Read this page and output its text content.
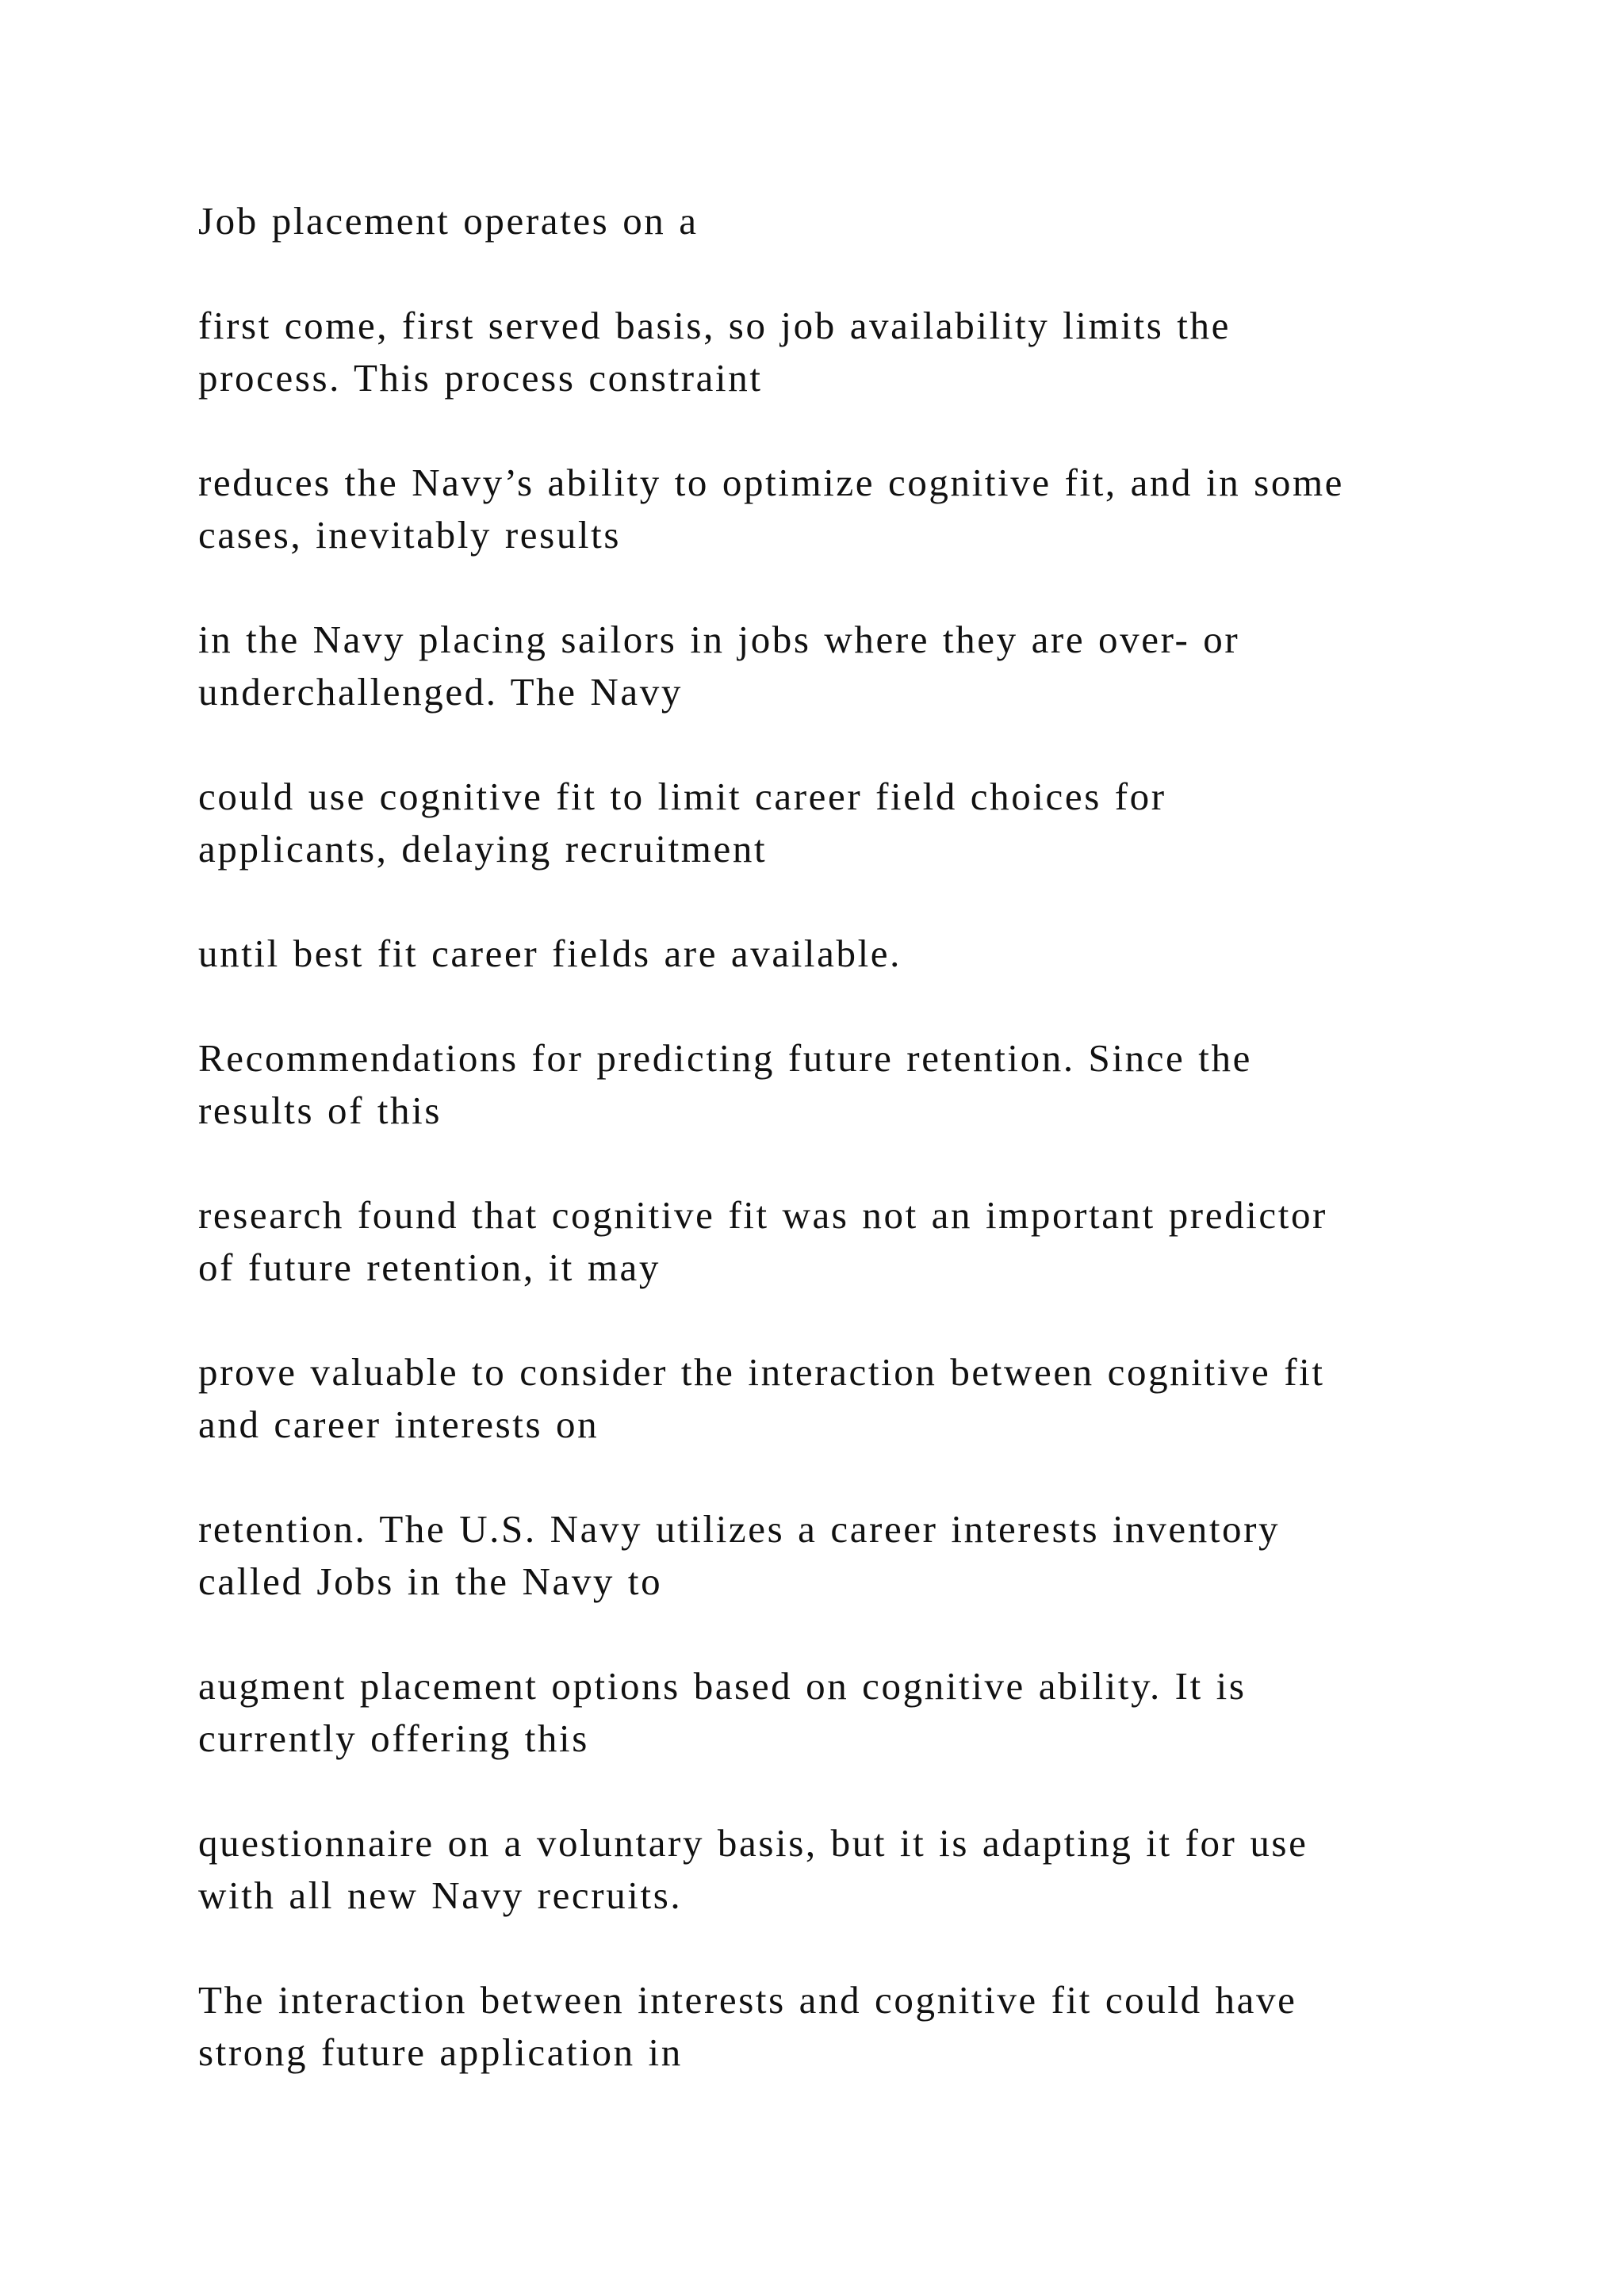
Job placement operates on a

first come, first served basis, so job availability limits the
process. This process constraint

reduces the Navy’s ability to optimize cognitive fit, and in some
cases, inevitably results

in the Navy placing sailors in jobs where they are over- or
underchallenged. The Navy

could use cognitive fit to limit career field choices for
applicants, delaying recruitment

until best fit career fields are available.

Recommendations for predicting future retention. Since the
results of this

research found that cognitive fit was not an important predictor
of future retention, it may

prove valuable to consider the interaction between cognitive fit
and career interests on

retention. The U.S. Navy utilizes a career interests inventory
called Jobs in the Navy to

augment placement options based on cognitive ability. It is
currently offering this

questionnaire on a voluntary basis, but it is adapting it for use
with all new Navy recruits.

The interaction between interests and cognitive fit could have
strong future application in
